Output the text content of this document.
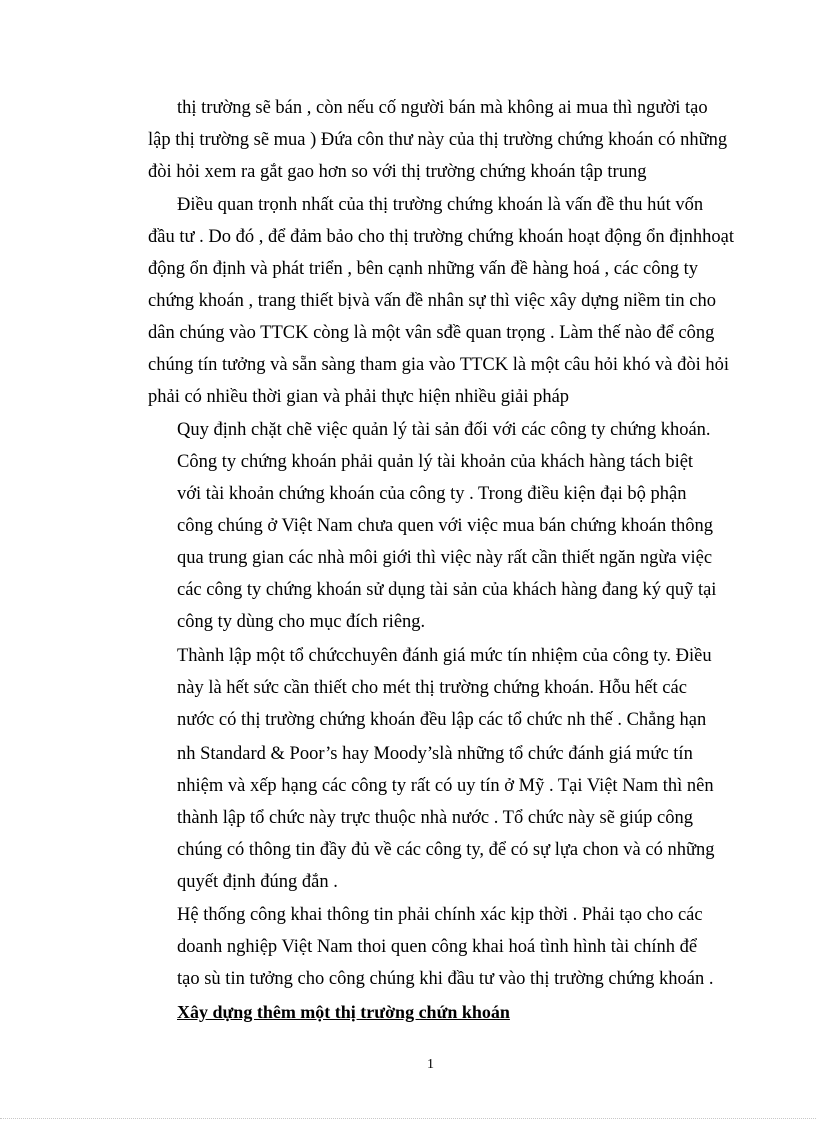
thị trường sẽ bán , còn nếu cố người bán mà không ai mua thì người tạo
lập thị trường sẽ mua ) Đứa côn thư này của thị trường chứng khoán có những
đòi hỏi xem ra gắt gao hơn so với thị trường chứng khoán tập trung
Điều quan trọnh nhất của thị trường chứng khoán là vấn đề thu hút vốn
đầu tư . Do đó , để đảm bảo cho thị trường chứng khoán hoạt động ổn địnhhoạt
động ổn định và phát triển , bên cạnh những vấn đề hàng hoá , các công ty
chứng khoán , trang thiết bịvà vấn đề nhân sự thì việc xây dựng niềm tin cho
dân chúng vào TTCK còng là một vân sđề quan trọng . Làm thế nào để công
chúng tín tưởng và sẵn sàng tham gia vào TTCK là một câu hỏi khó và đòi hỏi
phải có nhiều thời gian và phải thực hiện nhiều giải pháp
Quy định chặt chẽ việc quản lý tài sản đối với các công ty chứng khoán.
Công ty chứng khoán phải quản lý tài khoản của khách hàng tách biệt
với tài khoản chứng khoán của công ty . Trong điều kiện đại bộ phận
công chúng ở Việt Nam chưa quen với việc mua bán chứng khoán thông
qua trung gian các nhà môi giới thì việc này rất cần thiết ngăn ngừa việc
các công ty chứng khoán sử dụng tài sản của khách hàng đang ký quỹ tại
công ty dùng cho mục đích riêng.
Thành lập một tổ chứcchuyên đánh giá mức tín nhiệm của công ty. Điều
này là hết sức cần thiết cho mét thị trường chứng khoán. Hỗu hết các
nước có thị trường chứng khoán đều lập các tổ chức nh thế . Chẳng hạn
nh Standard & Poor’s hay Moody’slà những tổ chức đánh giá mức tín
nhiệm và xếp hạng các công ty rất có uy tín ở Mỹ . Tại Việt Nam thì nên
thành lập tổ chức này trực thuộc nhà nước . Tổ chức này sẽ giúp công
chúng có thông tin đầy đủ về các công ty, để có sự lựa chon và có những
quyết định đúng đắn .
Hệ thống công khai thông tin phải chính xác kịp thời . Phải tạo cho các
doanh nghiệp Việt Nam thoi quen công khai hoá tình hình tài chính để
tạo sù tin tưởng cho công chúng khi đầu tư vào thị trường chứng khoán .
Xây dựng thêm một thị trường chứn khoán
1
